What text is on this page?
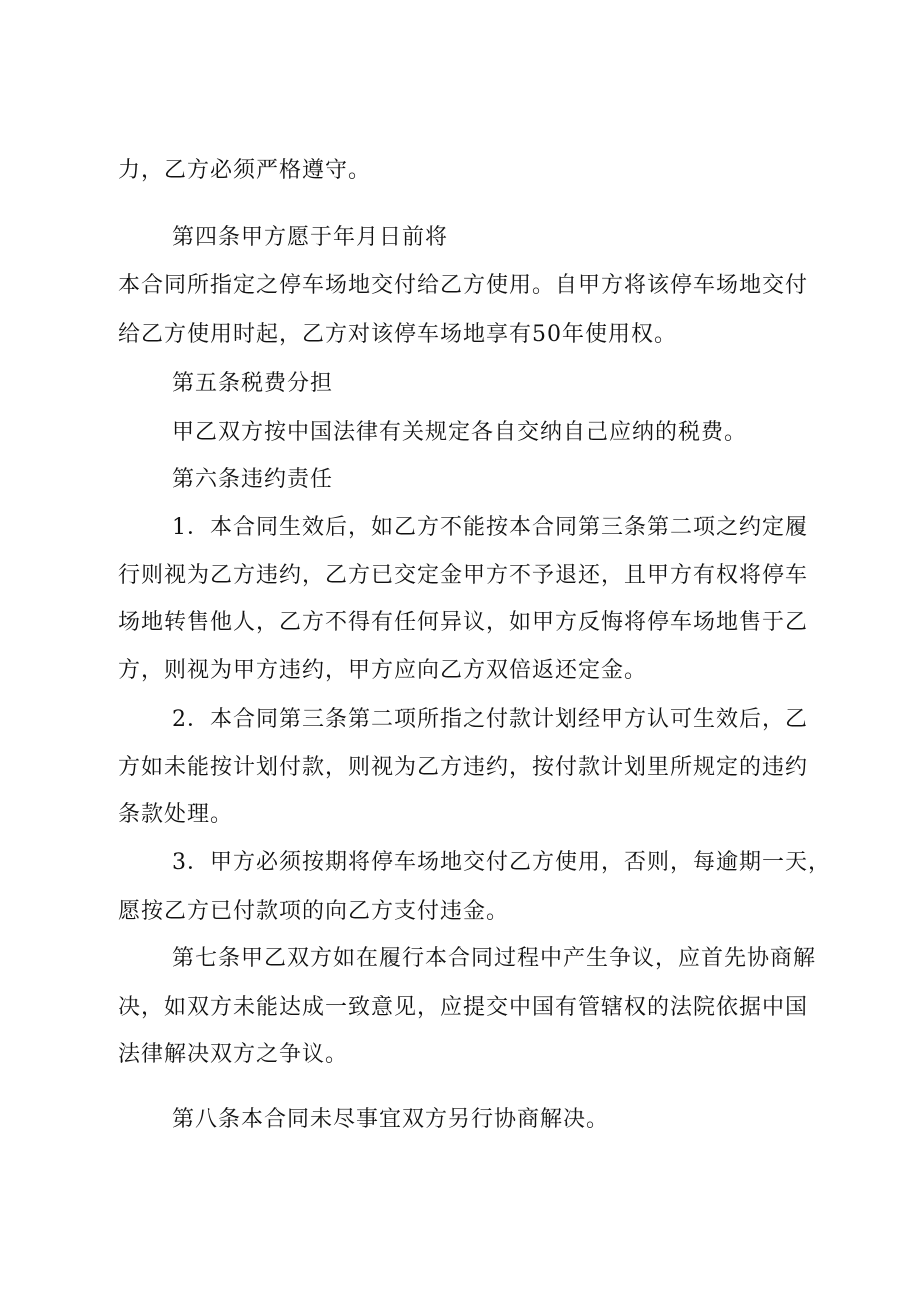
力，乙方必须严格遵守。
第四条甲方愿于年月日前将
本合同所指定之停车场地交付给乙方使用。自甲方将该停车场地交付
给乙方使用时起，乙方对该停车场地享有50年使用权。
第五条税费分担
甲乙双方按中国法律有关规定各自交纳自己应纳的税费。
第六条违约责任
1．本合同生效后，如乙方不能按本合同第三条第二项之约定履
行则视为乙方违约，乙方已交定金甲方不予退还，且甲方有权将停车
场地转售他人，乙方不得有任何异议，如甲方反悔将停车场地售于乙
方，则视为甲方违约，甲方应向乙方双倍返还定金。
2．本合同第三条第二项所指之付款计划经甲方认可生效后，乙
方如未能按计划付款，则视为乙方违约，按付款计划里所规定的违约
条款处理。
3．甲方必须按期将停车场地交付乙方使用，否则，每逾期一天，
愿按乙方已付款项的向乙方支付违金。
第七条甲乙双方如在履行本合同过程中产生争议，应首先协商解
决，如双方未能达成一致意见，应提交中国有管辖权的法院依据中国
法律解决双方之争议。
第八条本合同未尽事宜双方另行协商解决。
